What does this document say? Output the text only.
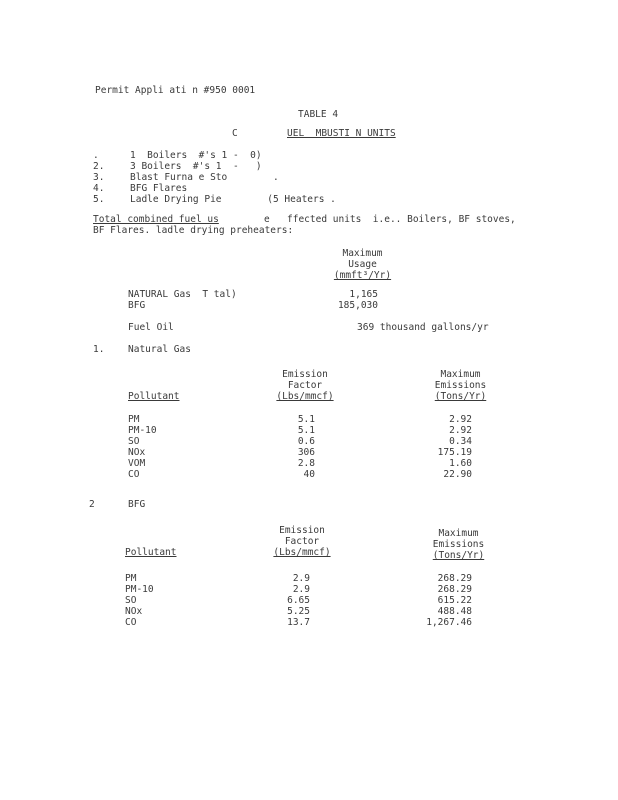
Permit Appli ati n #950 0001
TABLE 4
C	UEL  MBUSTI N UNITS
.	1  Boilers  #'s 1 -  0)
2.	3 Boilers  #'s 1  -   )
3.	Blast Furna e Sto        .
4.	BFG Flares
5.	Ladle Drying Pie        (5 Heaters .
Total combined fuel us	e ffected units  i.e.. Boilers, BF stoves,
BF Flares. ladle drying preheaters:
Maximum
Usage
(mmft³/Yr)
NATURAL Gas  T tal)	1,165
BFG	185,030
Fuel Oil	369 thousand gallons/yr
1. Natural Gas
Emission
Factor
(Lbs/mmcf)
Maximum
Emissions
(Tons/Yr)
Pollutant
PM	5.1	2.92
PM-10	5.1	2.92
SO	0.6	0.34
NOx	306	175.19
VOM	2.8	1.60
CO	40	22.90
2	BFG
Emission
Factor
(Lbs/mmcf)
Maximum
Emissions
(Tons/Yr)
Pollutant
PM	2.9	268.29
PM-10	2.9	268.29
SO	6.65	615.22
NOx	5.25	488.48
CO	13.7	1,267.46
